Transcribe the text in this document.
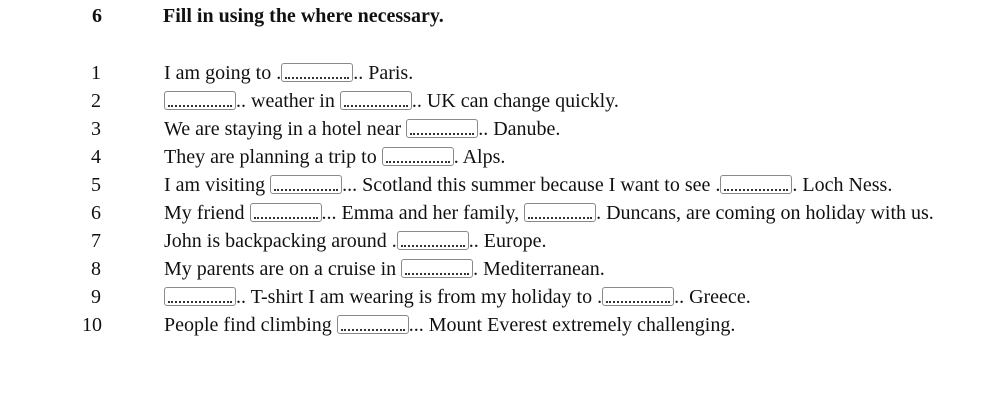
6	Fill in using the where necessary.

1	I am going to .	.. Paris.

2	.. weather in	.. UK can change quickly.

3	We are staying in a hotel near	.. Danube.

4	They are planning a trip to	. Alps.

5	I am visiting	... Scotland this summer because I want to see .	. Loch Ness.

6	My friend	... Emma and her family,	. Duncans, are coming on holiday with us.

7	John is backpacking around .	.. Europe.

8	My parents are on a cruise in	. Mediterranean.

9	.. T-shirt I am wearing is from my holiday to .	.. Greece.

10	People find climbing	... Mount Everest extremely challenging.
